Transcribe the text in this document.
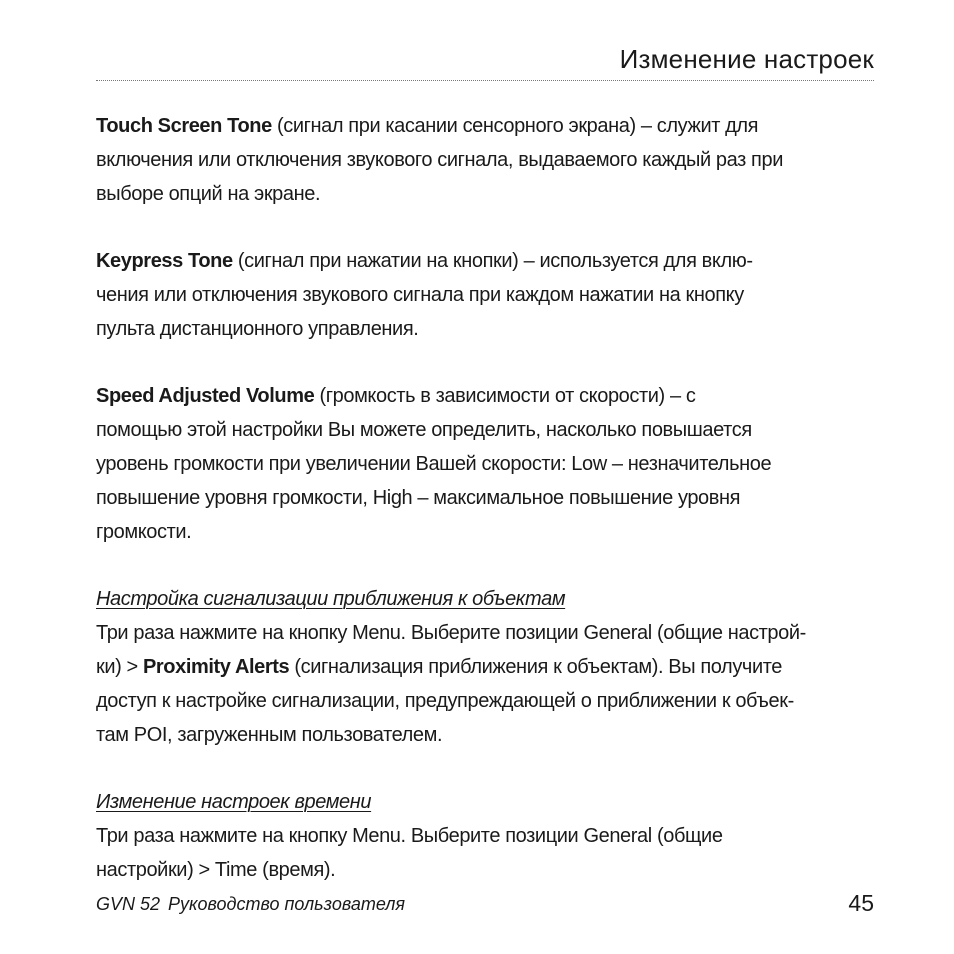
Изменение настроек

Touch Screen Tone (сигнал при касании сенсорного экрана) – служит для

включения или отключения звукового сигнала, выдаваемого каждый раз при

выборе опций на экране.

Keypress Tone (сигнал при нажатии на кнопки) – используется для вклю-

чения или отключения звукового сигнала при каждом нажатии на кнопку

пульта дистанционного управления.

Speed Adjusted Volume (громкость в зависимости от скорости) – с

помощью этой настройки Вы можете определить, насколько повышается

уровень громкости при увеличении Вашей скорости: Low – незначительное

повышение уровня громкости, High – максимальное повышение уровня

громкости.

Настройка сигнализации приближения к объектам

Три раза нажмите на кнопку Menu. Выберите позиции General (общие настрой-

ки) > Proximity Alerts (сигнализация приближения к объектам). Вы получите

доступ к настройке сигнализации, предупреждающей о приближении к объек-

там POI, загруженным пользователем.

Изменение настроек времени

Три раза нажмите на кнопку Menu. Выберите позиции General (общие

настройки) > Time (время).

GVN 52 Руководство пользователя	45
